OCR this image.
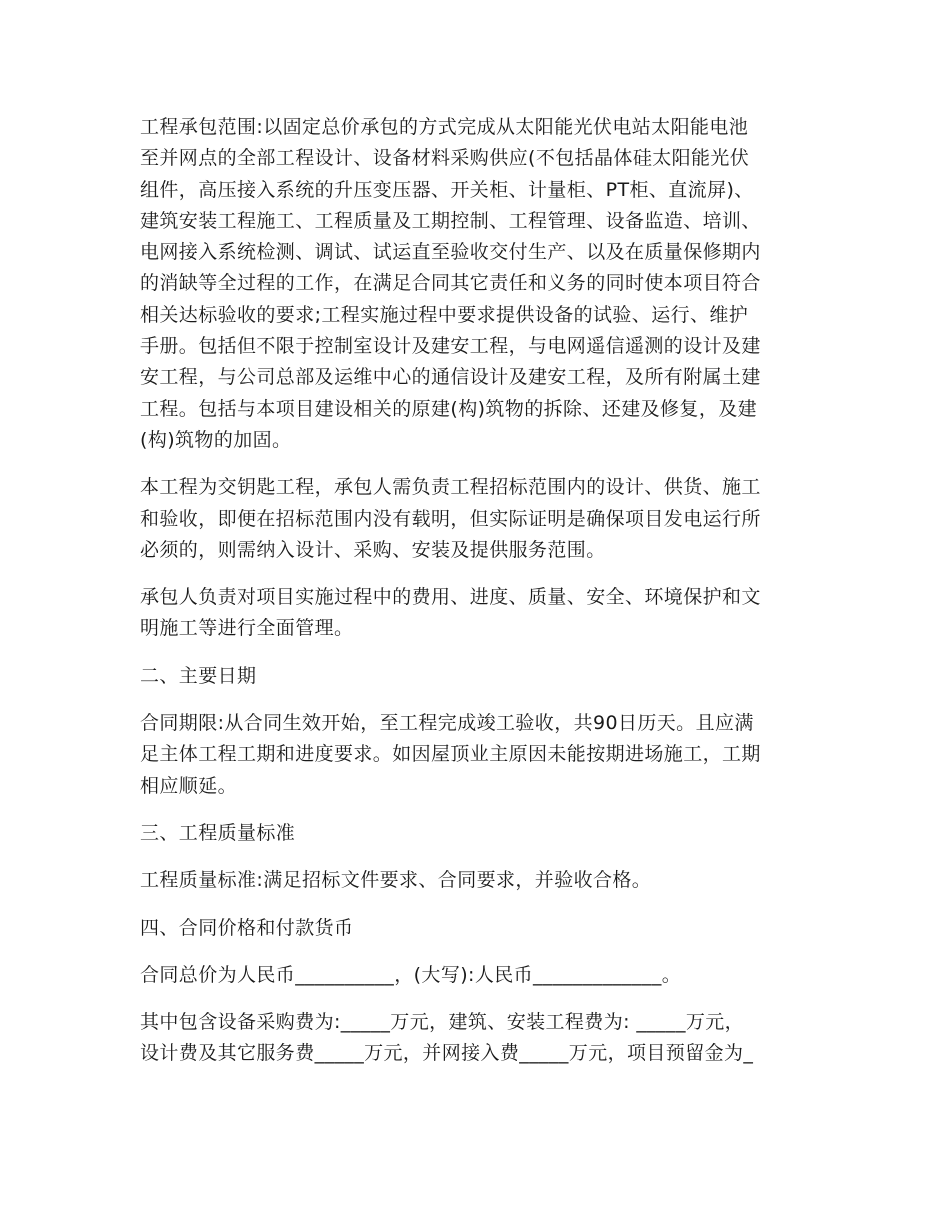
工程承包范围:以固定总价承包的方式完成从太阳能光伏电站太阳能电池
至并网点的全部工程设计、设备材料采购供应(不包括晶体硅太阳能光伏
组件，高压接入系统的升压变压器、开关柜、计量柜、PT柜、直流屏)、
建筑安装工程施工、工程质量及工期控制、工程管理、设备监造、培训、
电网接入系统检测、调试、试运直至验收交付生产、以及在质量保修期内
的消缺等全过程的工作，在满足合同其它责任和义务的同时使本项目符合
相关达标验收的要求;工程实施过程中要求提供设备的试验、运行、维护
手册。包括但不限于控制室设计及建安工程，与电网遥信遥测的设计及建
安工程，与公司总部及运维中心的通信设计及建安工程，及所有附属土建
工程。包括与本项目建设相关的原建(构)筑物的拆除、还建及修复，及建
(构)筑物的加固。

本工程为交钥匙工程，承包人需负责工程招标范围内的设计、供货、施工
和验收，即便在招标范围内没有载明，但实际证明是确保项目发电运行所
必须的，则需纳入设计、采购、安装及提供服务范围。

承包人负责对项目实施过程中的费用、进度、质量、安全、环境保护和文
明施工等进行全面管理。

二、主要日期

合同期限:从合同生效开始，至工程完成竣工验收，共90日历天。且应满
足主体工程工期和进度要求。如因屋顶业主原因未能按期进场施工，工期
相应顺延。

三、工程质量标准

工程质量标准:满足招标文件要求、合同要求，并验收合格。

四、合同价格和付款货币

合同总价为人民币__________，(大写):人民币_____________。

其中包含设备采购费为:_____万元，建筑、安装工程费为: _____万元，
设计费及其它服务费_____万元，并网接入费_____万元，项目预留金为_
